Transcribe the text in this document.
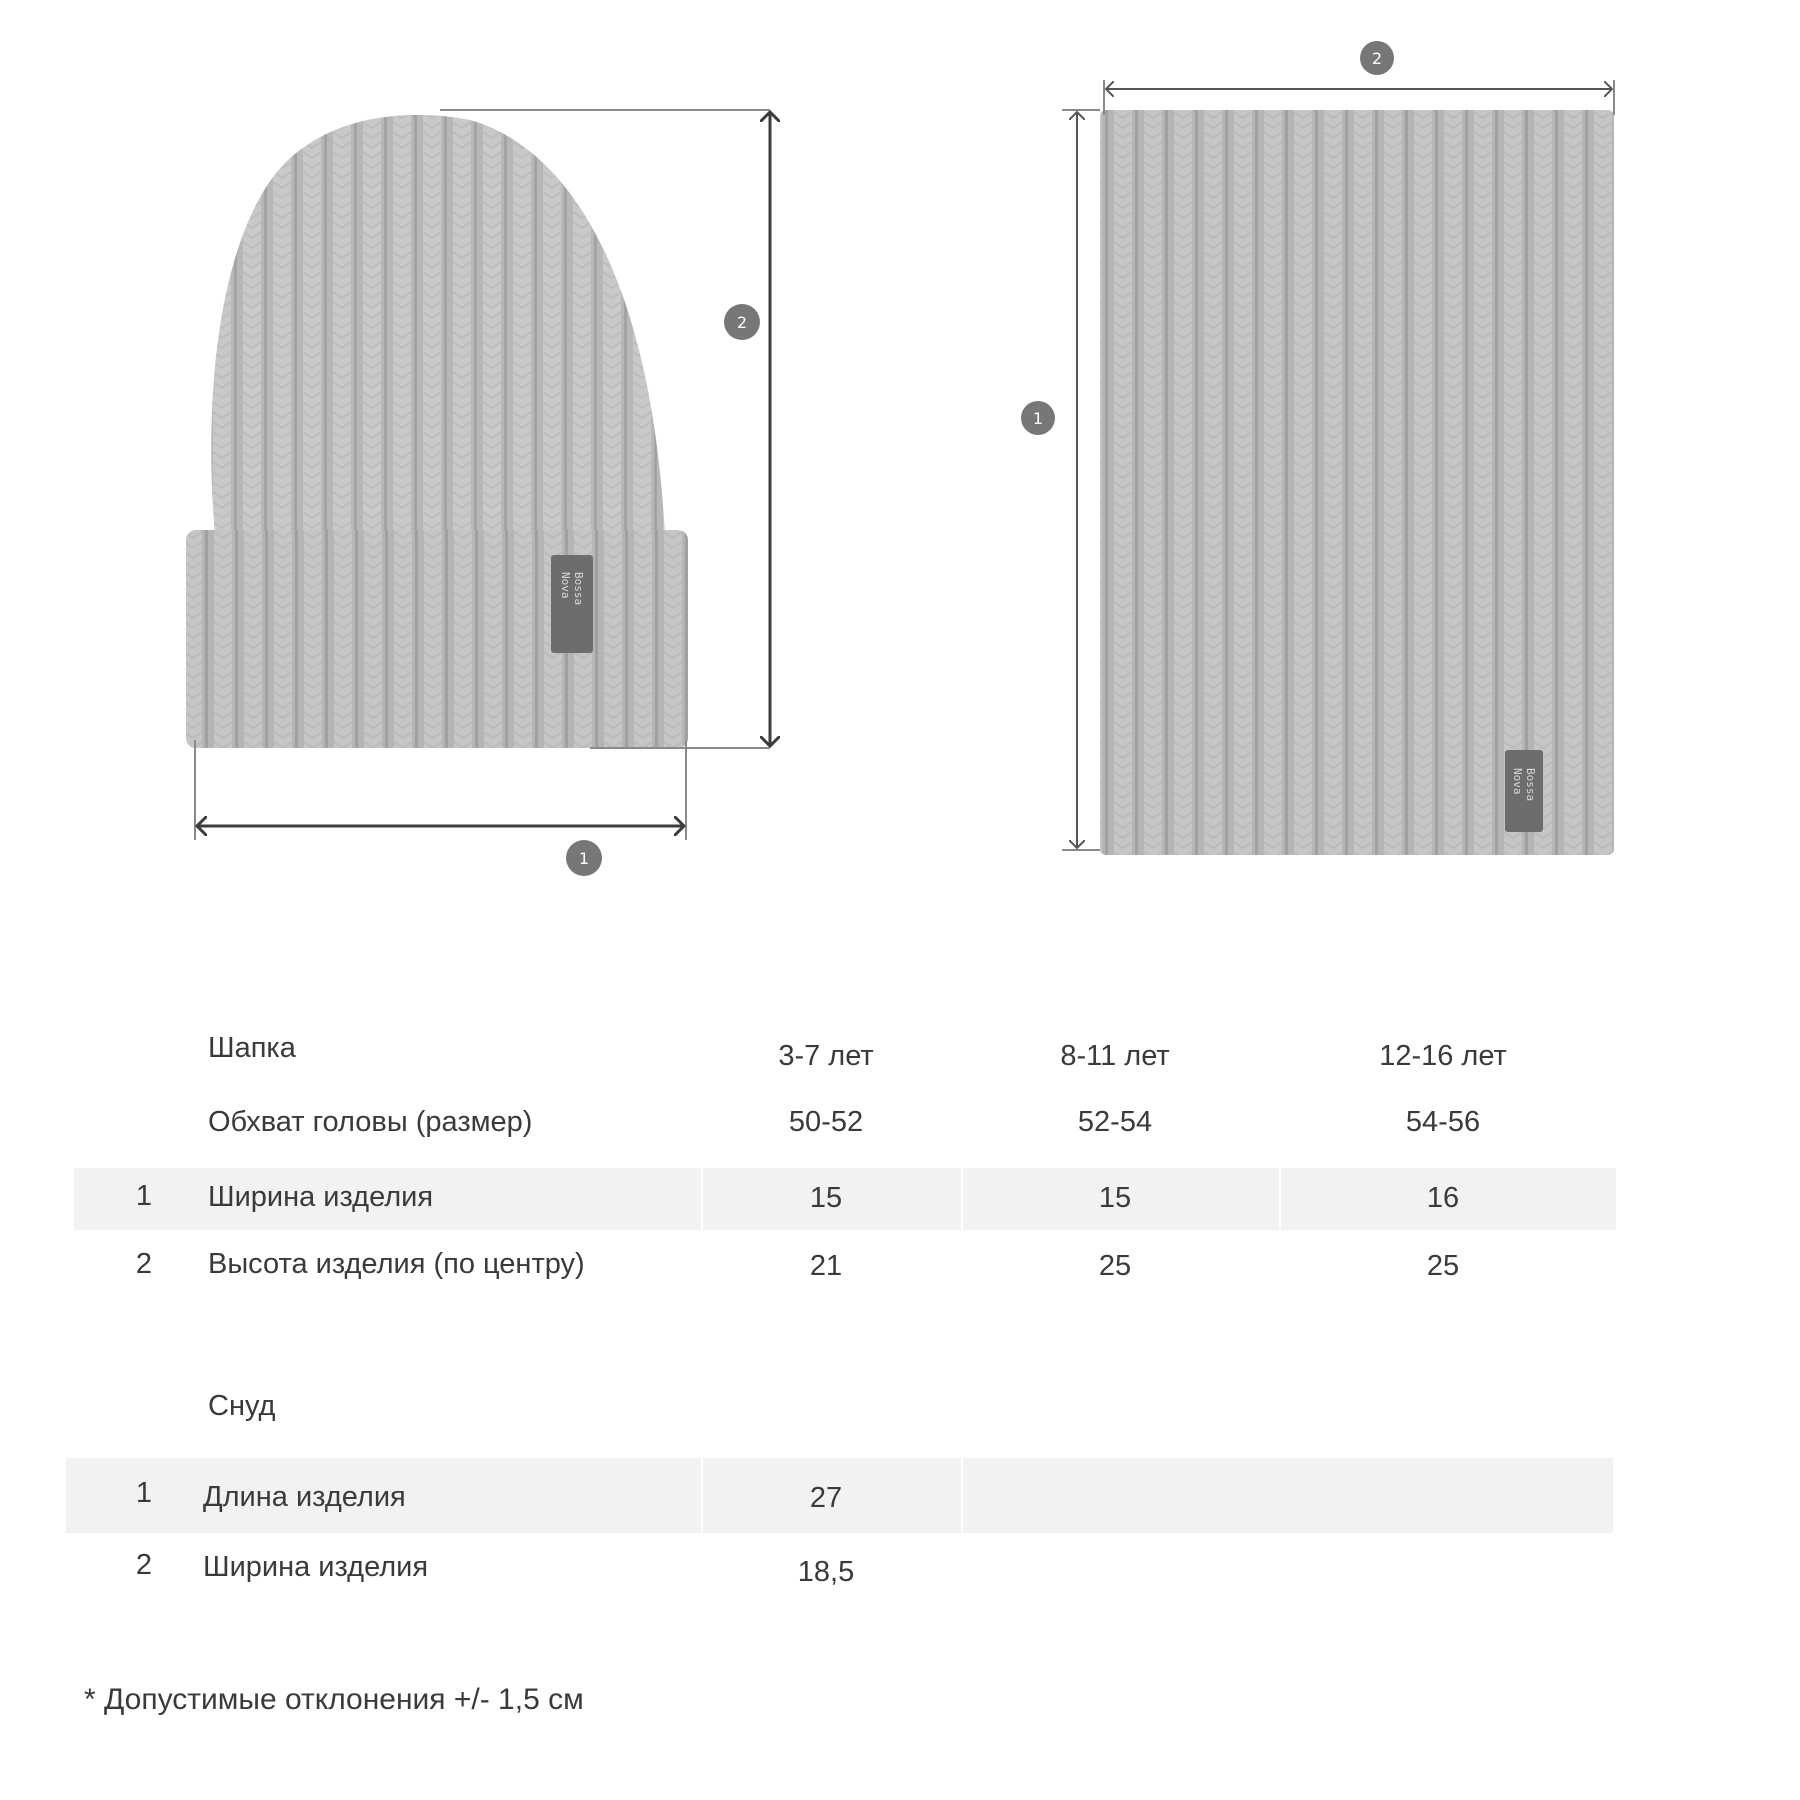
Bossa
Nova
2
1
Bossa
Nova
2
1
Шапка	3-7 лет	8-11 лет	12-16 лет
Обхват головы (размер)	50-52	52-54	54-56
1	Ширина изделия	15	15	16
2	Высота изделия (по центру)	21	25	25
Снуд
1	Длина изделия	27
2	Ширина изделия	18,5
* Допустимые отклонения +/- 1,5 см
